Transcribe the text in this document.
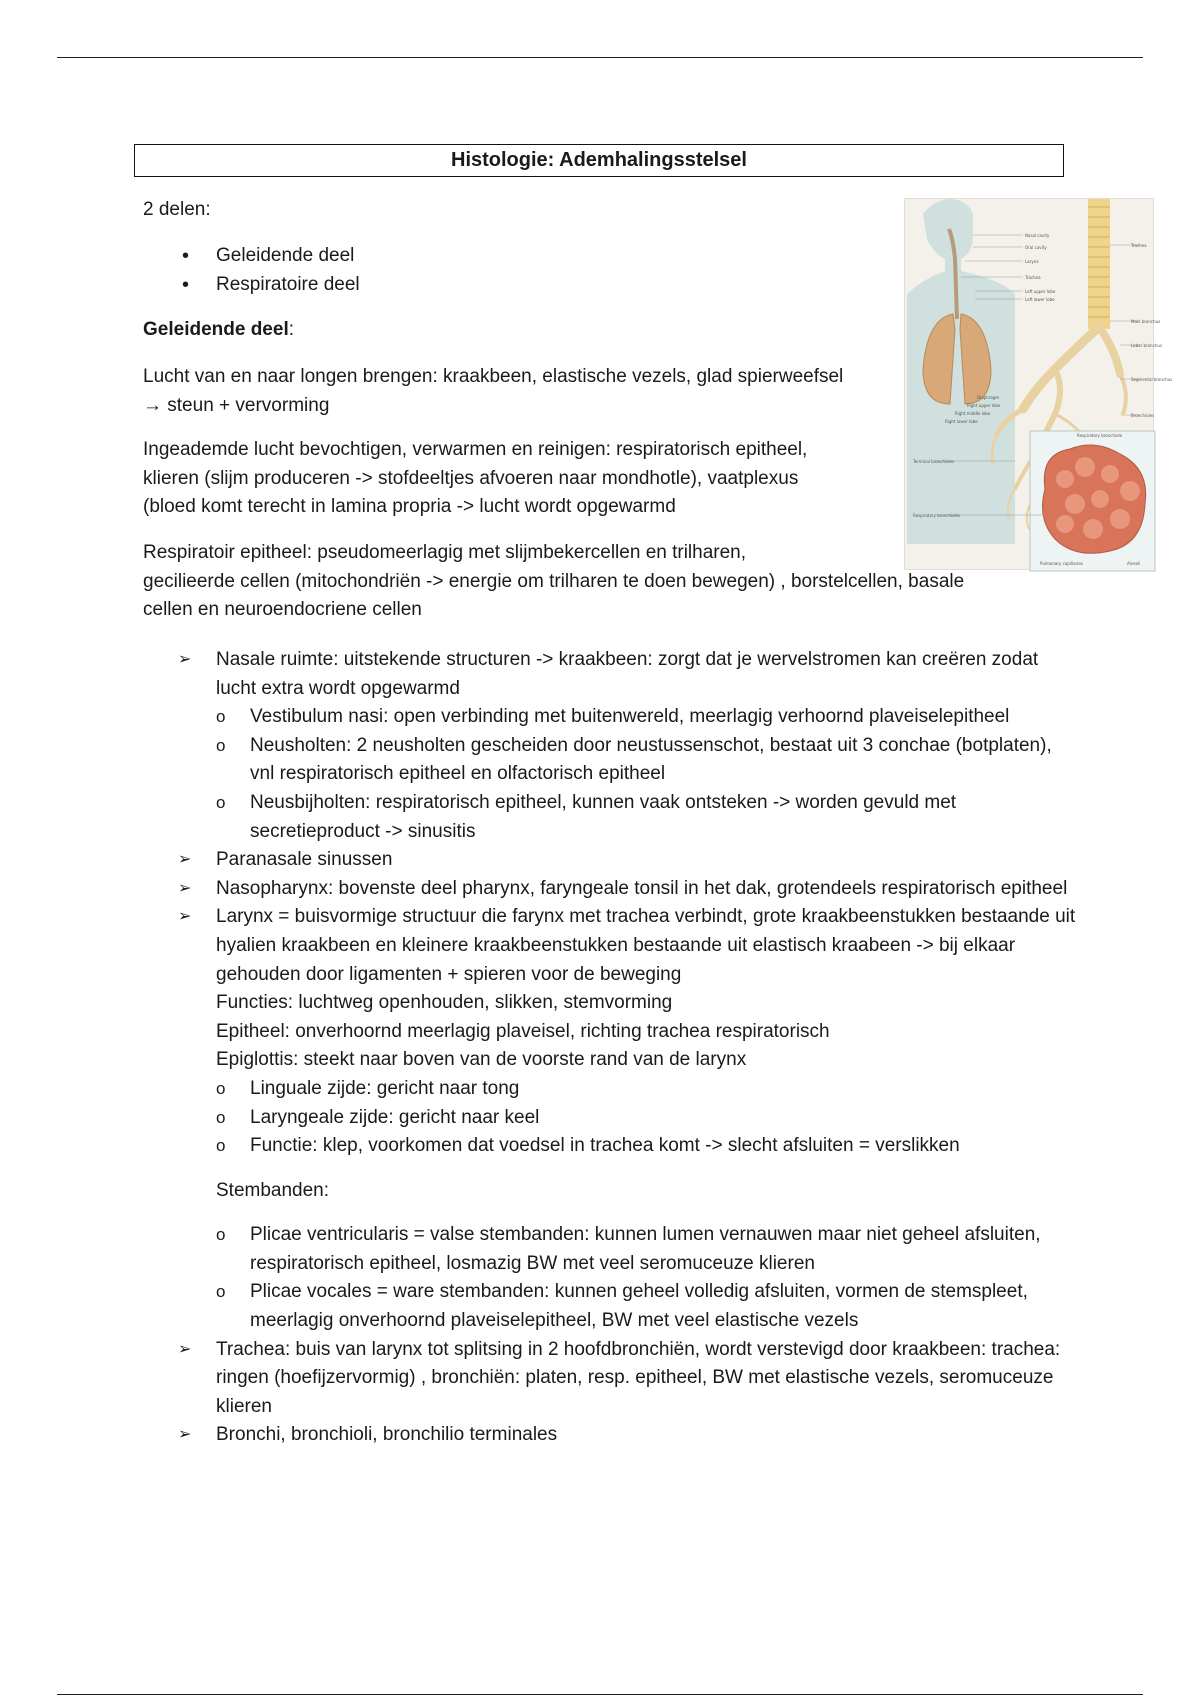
Histologie: Ademhalingsstelsel
2 delen:
• Geleidende deel
• Respiratoire deel
Geleidende deel:
Lucht van en naar longen brengen: kraakbeen, elastische vezels, glad spierweefsel
→ steun + vervorming
Ingeademde lucht bevochtigen, verwarmen en reinigen: respiratorisch epitheel,
klieren (slijm produceren -> stofdeeltjes afvoeren naar mondhotle), vaatplexus
(bloed komt terecht in lamina propria -> lucht wordt opgewarmd
Respiratoir epitheel: pseudomeerlagig met slijmbekercellen en trilharen,
gecilieerde cellen (mitochondriën -> energie om trilharen te doen bewegen) , borstelcellen, basale
cellen en neuroendocriene cellen
Nasal cavity
Oral cavity
Larynx
Trachea
Left upper lobe
Left lower lobe
Diaphragm
Right upper lobe
Right middle lobe
Right lower lobe
Terminal bronchioles
Respiratory bronchioles
Trachea
Main bronchus
Lobar bronchus
Segmental bronchus
Bronchioles
Respiratory bronchiole
Pulmonary capillaries	Alveoli
➢ Nasale ruimte: uitstekende structuren -> kraakbeen: zorgt dat je wervelstromen kan creëren zodat lucht extra wordt opgewarmd
o Vestibulum nasi: open verbinding met buitenwereld, meerlagig verhoornd plaveiselepitheel
o Neusholten: 2 neusholten gescheiden door neustussenschot, bestaat uit 3 conchae (botplaten), vnl respiratorisch epitheel en olfactorisch epitheel
o Neusbijholten: respiratorisch epitheel, kunnen vaak ontsteken -> worden gevuld met secretieproduct -> sinusitis
➢ Paranasale sinussen
➢ Nasopharynx: bovenste deel pharynx, faryngeale tonsil in het dak, grotendeels respiratorisch epitheel
➢ Larynx = buisvormige structuur die farynx met trachea verbindt, grote kraakbeenstukken bestaande uit hyalien kraakbeen en kleinere kraakbeenstukken bestaande uit elastisch kraabeen -> bij elkaar gehouden door ligamenten + spieren voor de beweging
Functies: luchtweg openhouden, slikken, stemvorming
Epitheel: onverhoornd meerlagig plaveisel, richting trachea respiratorisch
Epiglottis: steekt naar boven van de voorste rand van de larynx
o Linguale zijde: gericht naar tong
o Laryngeale zijde: gericht naar keel
o Functie: klep, voorkomen dat voedsel in trachea komt -> slecht afsluiten = verslikken
Stembanden:
o Plicae ventricularis = valse stembanden: kunnen lumen vernauwen maar niet geheel afsluiten, respiratorisch epitheel, losmazig BW met veel seromuceuze klieren
o Plicae vocales = ware stembanden: kunnen geheel volledig afsluiten, vormen de stemspleet, meerlagig onverhoornd plaveiselepitheel, BW met veel elastische vezels
➢ Trachea: buis van larynx tot splitsing in 2 hoofdbronchiën, wordt verstevigd door kraakbeen: trachea: ringen (hoefijzervormig) , bronchiën: platen, resp. epitheel, BW met elastische vezels, seromuceuze klieren
➢ Bronchi, bronchioli, bronchilio terminales
